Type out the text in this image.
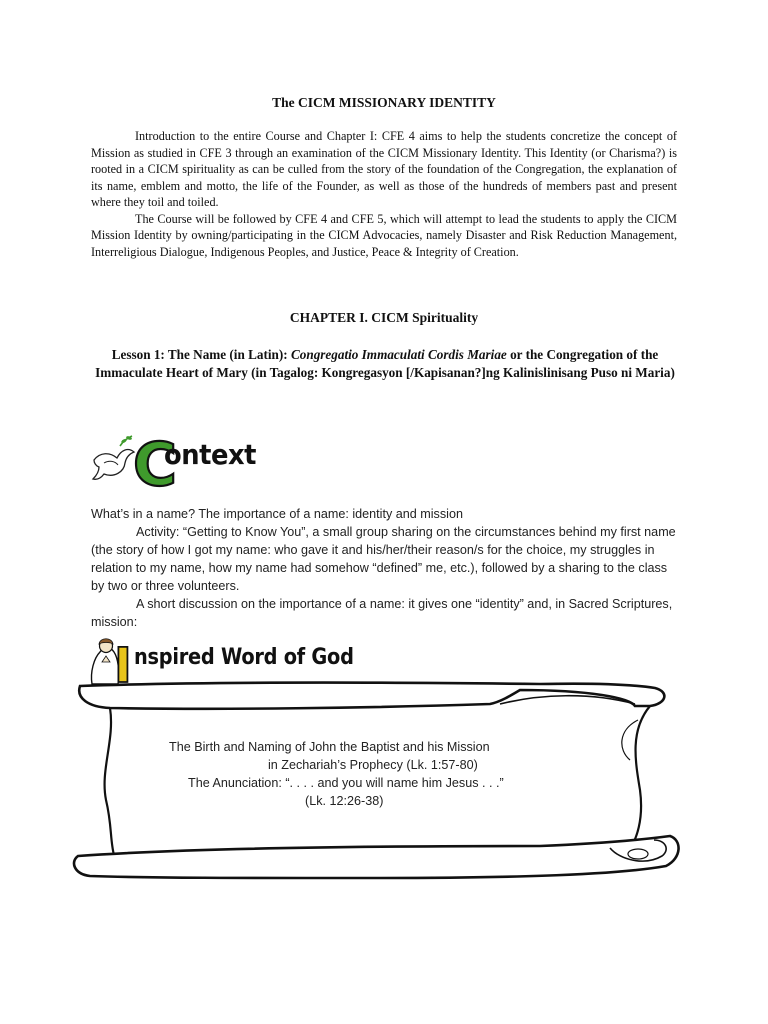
The CICM MISSIONARY IDENTITY

Introduction to the entire Course and Chapter I: CFE 4 aims to help the students concretize the concept of Mission as studied in CFE 3 through an examination of the CICM Missionary Identity. This Identity (or Charisma?) is rooted in a CICM spirituality as can be culled from the story of the foundation of the Congregation, the explanation of its name, emblem and motto, the life of the Founder, as well as those of the hundreds of members past and present where they toil and toiled.

The Course will be followed by CFE 4 and CFE 5, which will attempt to lead the students to apply the CICM Mission Identity by owning/participating in the CICM Advocacies, namely Disaster and Risk Reduction Management, Interreligious Dialogue, Indigenous Peoples, and Justice, Peace & Integrity of Creation.

CHAPTER I. CICM Spirituality
Lesson 1: The Name (in Latin): Congregatio Immaculati Cordis Mariae or the Congregation of the Immaculate Heart of Mary (in Tagalog: Kongregasyon [/Kapisanan?]ng Kalinislinisang Puso ni Maria)
C
ontext

What’s in a name? The importance of a name: identity and mission

Activity: “Getting to Know You”, a small group sharing on the circumstances behind my first name (the story of how I got my name: who gave it and his/her/their reason/s for the choice, my struggles in relation to my name, how my name had somehow “defined” me, etc.), followed by a sharing to the class by two or three volunteers.

A short discussion on the importance of a name: it gives one “identity” and, in Sacred Scriptures, mission:

I nspired Word of God
The Birth and Naming of John the Baptist and his Mission
in Zechariah’s Prophecy (Lk. 1:57-80)
The Anunciation: “. . . . and you will name him Jesus . . .”
(Lk. 12:26-38)
